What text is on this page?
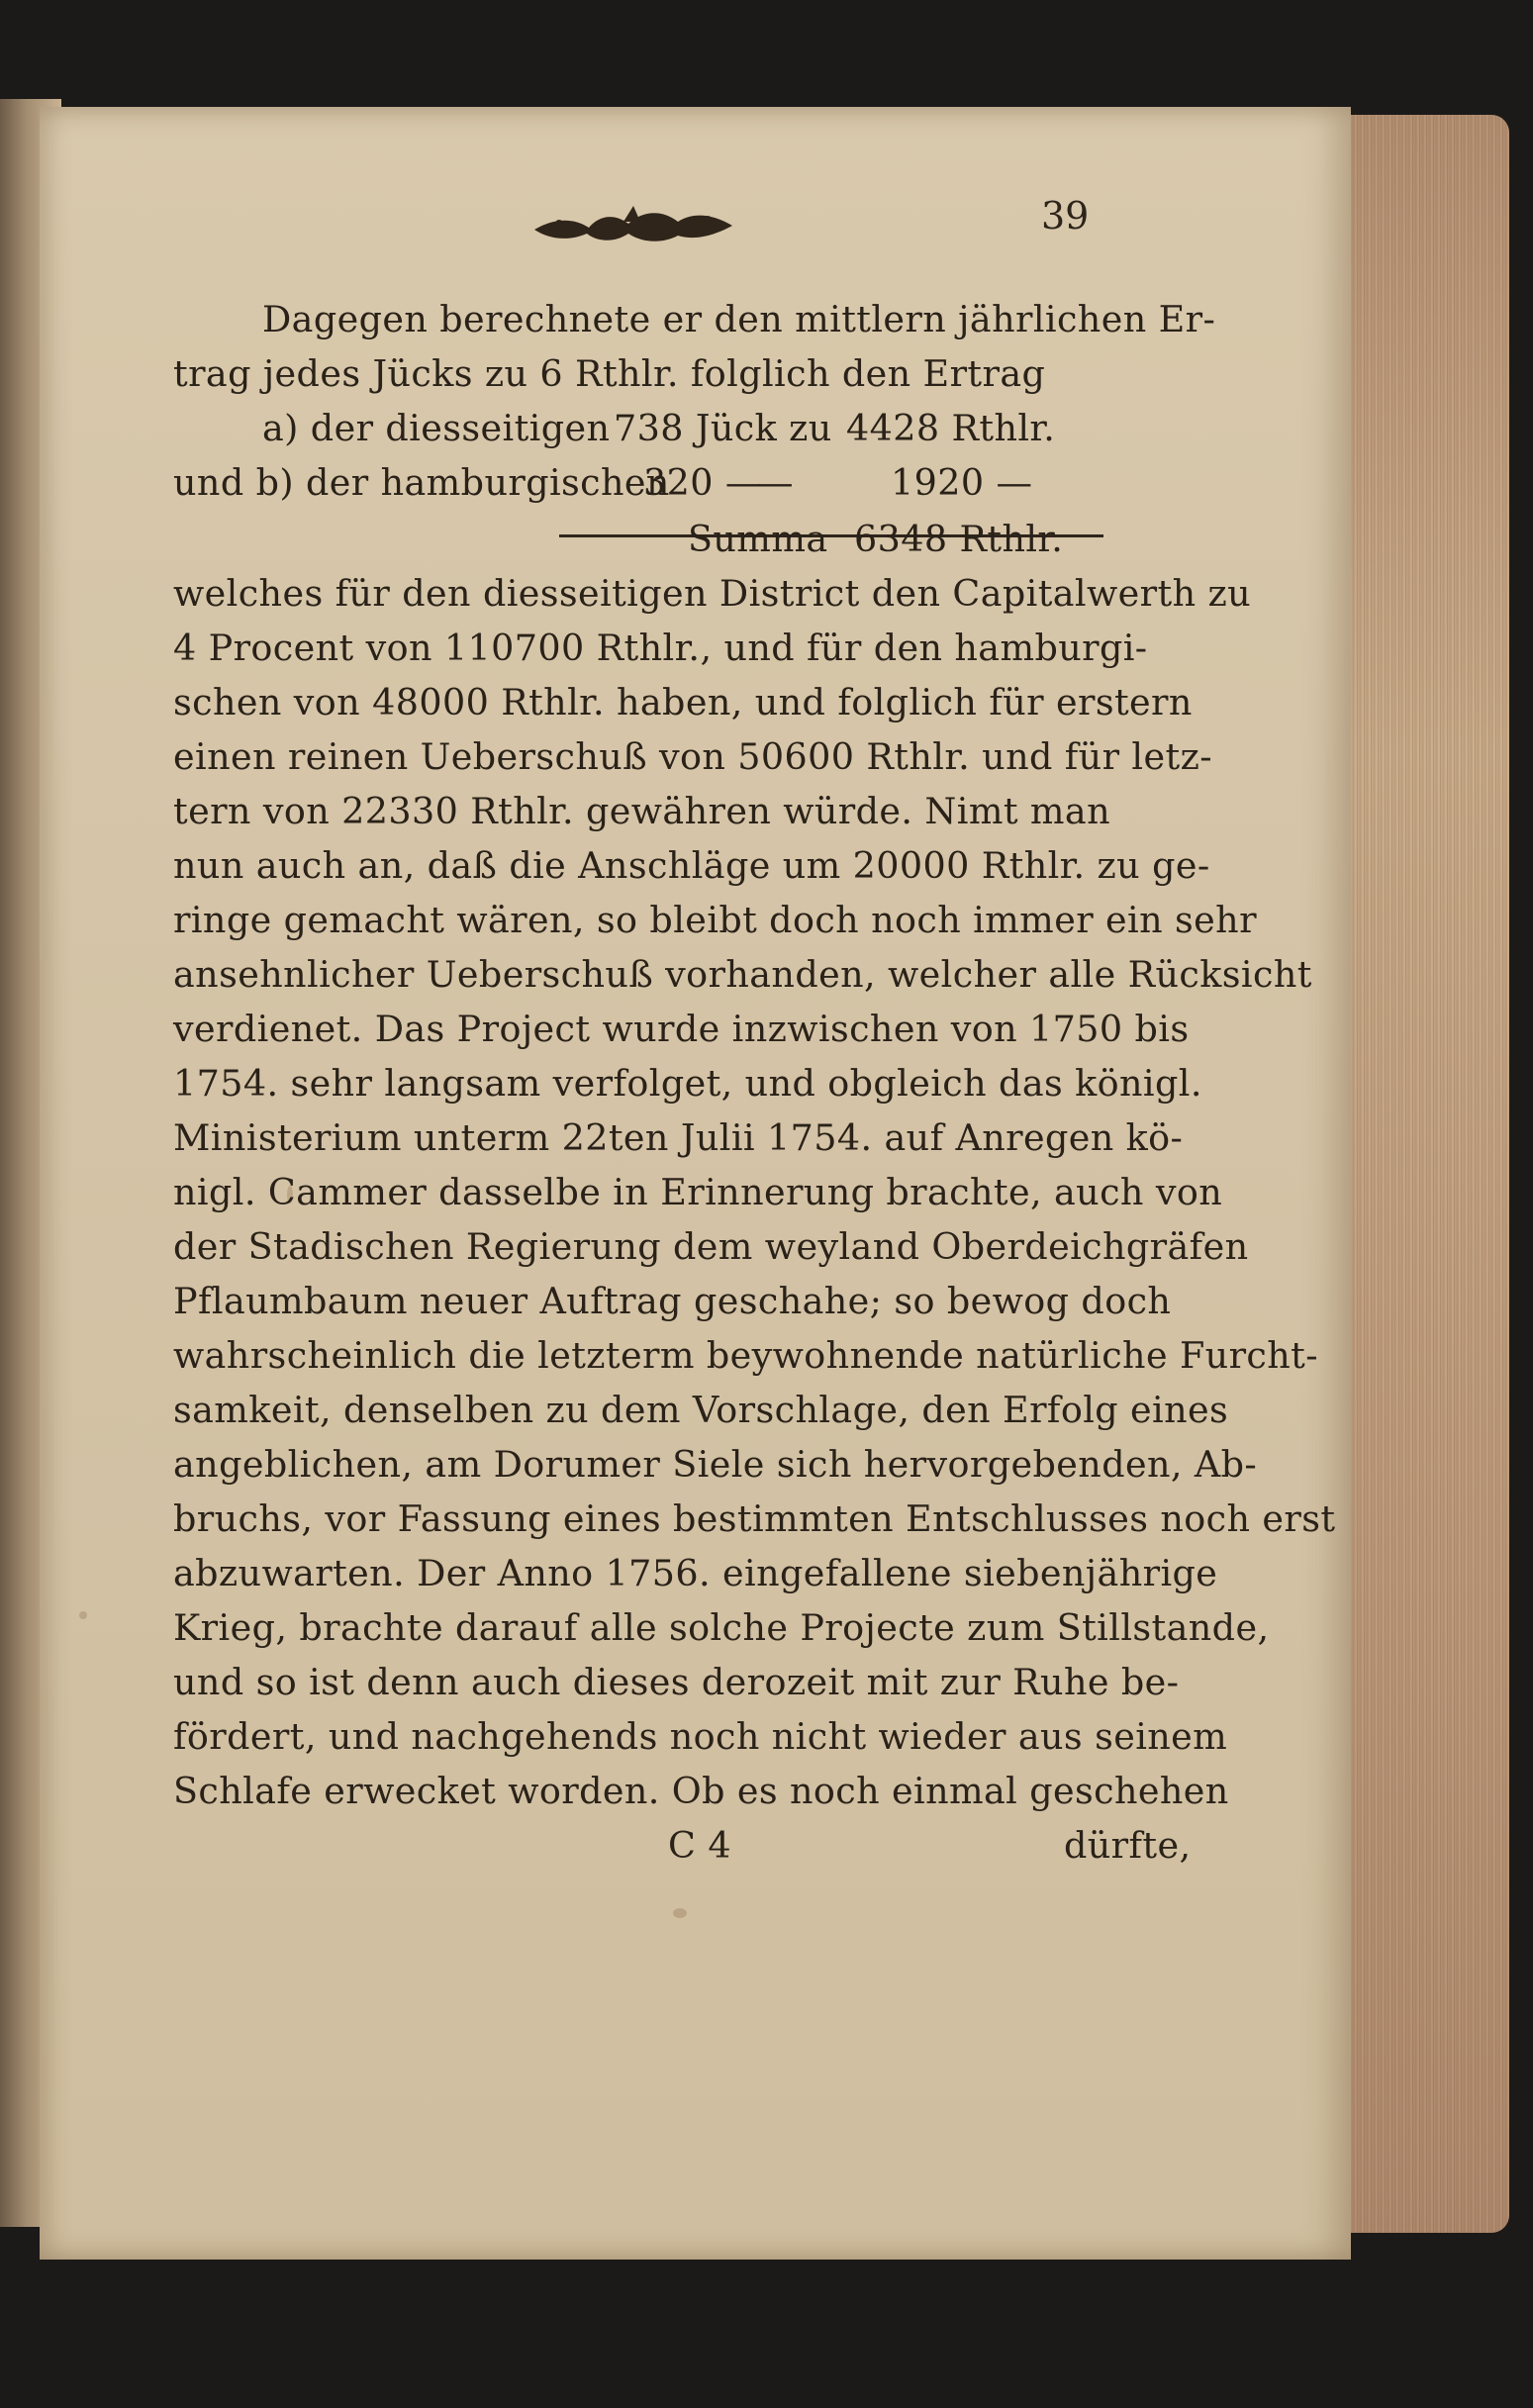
39
Dagegen berechnete er den mittlern jährlichen Er-
trag jedes Jücks zu 6 Rthlr. folglich den Ertrag
a) der diesseitigen 738 Jück zu 4428 Rthlr.
und b) der hamburgischen
320 —
—	1920 —
Summa 6348 Rthlr.
welches für den diesseitigen District den Capitalwerth zu
4 Procent von 110700 Rthlr., und für den hamburgi-
schen von 48000 Rthlr. haben, und folglich für erstern
einen reinen Ueberschuß von 50600 Rthlr. und für letz-
tern von 22330 Rthlr. gewähren würde. Nimt man
nun auch an, daß die Anschläge um 20000 Rthlr. zu ge-
ringe gemacht wären, so bleibt doch noch immer ein sehr
ansehnlicher Ueberschuß vorhanden, welcher alle Rücksicht
verdienet. Das Project wurde inzwischen von 1750 bis
1754. sehr langsam verfolget, und obgleich das königl.
Ministerium unterm 22ten Julii 1754. auf Anregen kö-
nigl. Cammer dasselbe in Erinnerung brachte, auch von
der Stadischen Regierung dem weyland Oberdeichgräfen
Pflaumbaum neuer Auftrag geschahe; so bewog doch
wahrscheinlich die letzterm beywohnende natürliche Furcht-
samkeit, denselben zu dem Vorschlage, den Erfolg eines
angeblichen, am Dorumer Siele sich hervorgebenden, Ab-
bruchs, vor Fassung eines bestimmten Entschlusses noch erst
abzuwarten. Der Anno 1756. eingefallene siebenjährige
Krieg, brachte darauf alle solche Projecte zum Stillstande,
und so ist denn auch dieses derozeit mit zur Ruhe be-
fördert, und nachgehends noch nicht wieder aus seinem
Schlafe erwecket worden. Ob es noch einmal geschehen
C 4	dürfte,
